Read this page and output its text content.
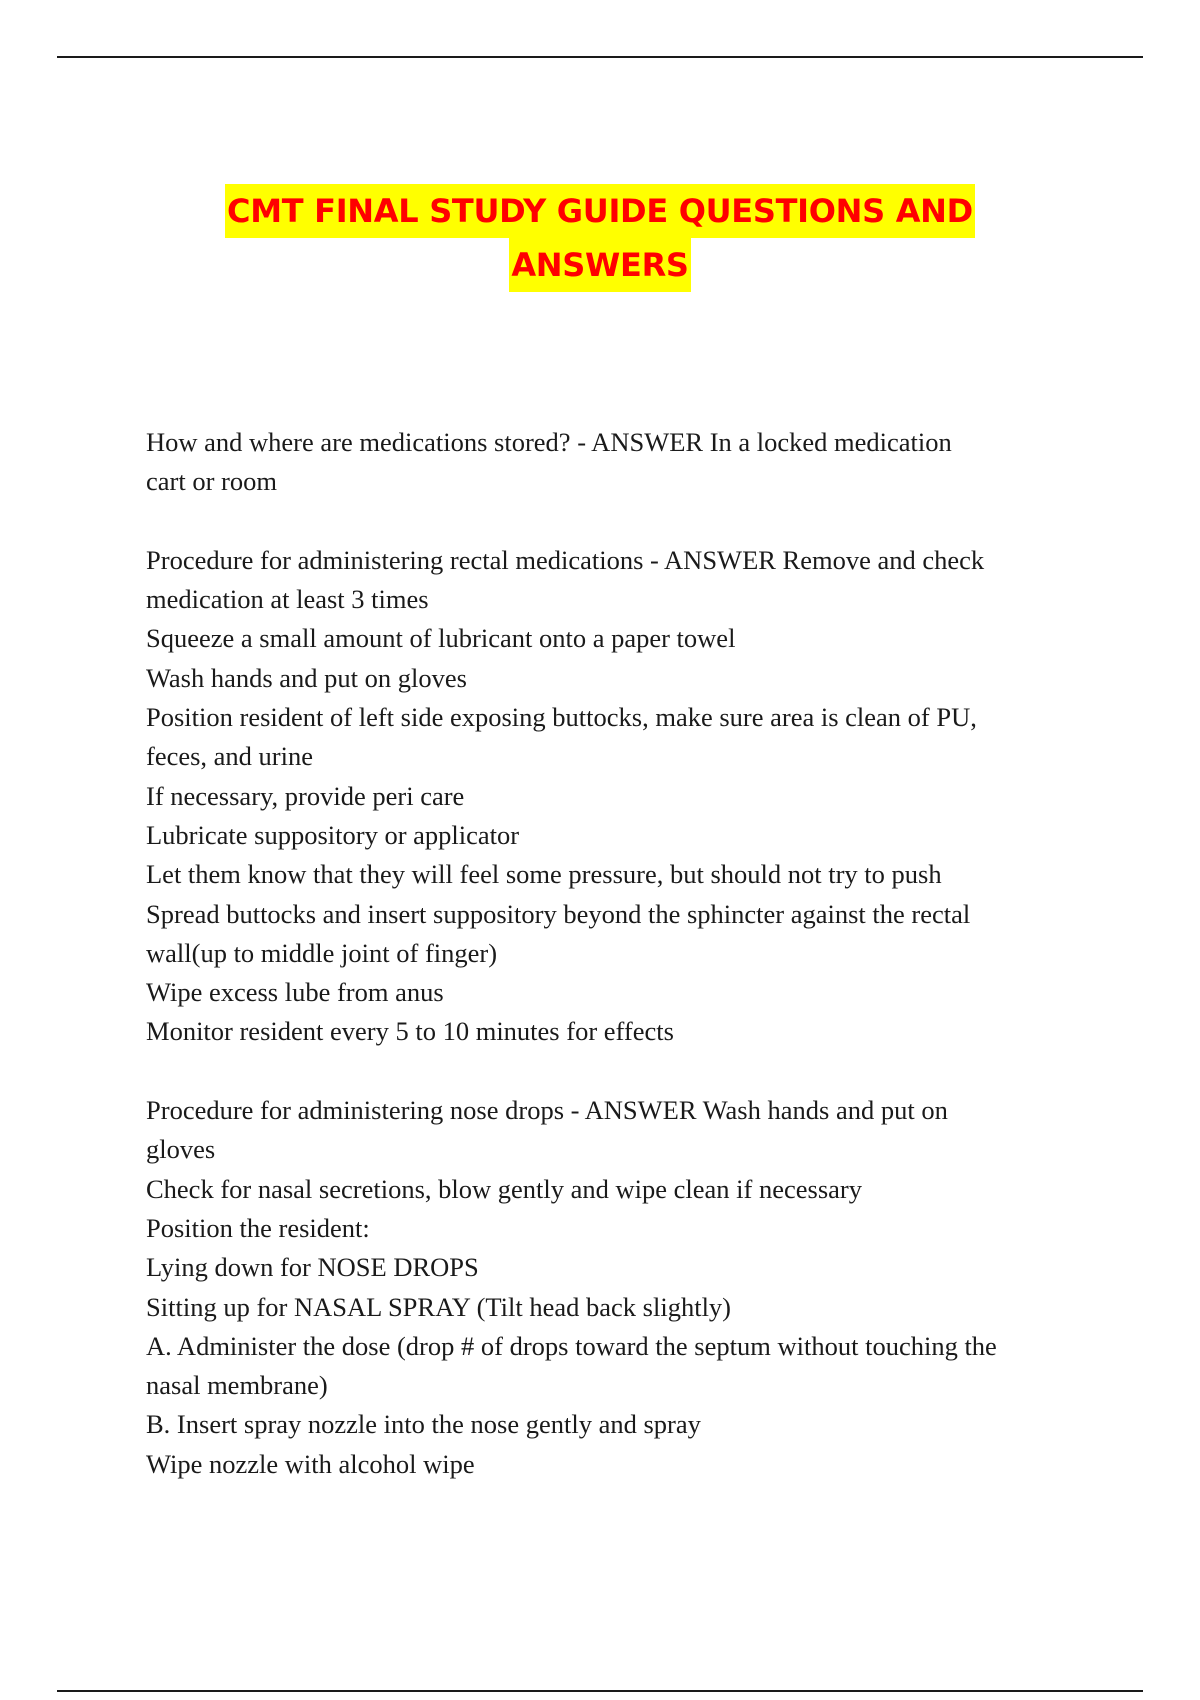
CMT FINAL STUDY GUIDE QUESTIONS AND
ANSWERS
How and where are medications stored? - ANSWER In a locked medication
cart or room
Procedure for administering rectal medications - ANSWER Remove and check
medication at least 3 times
Squeeze a small amount of lubricant onto a paper towel
Wash hands and put on gloves
Position resident of left side exposing buttocks, make sure area is clean of PU,
feces, and urine
If necessary, provide peri care
Lubricate suppository or applicator
Let them know that they will feel some pressure, but should not try to push
Spread buttocks and insert suppository beyond the sphincter against the rectal
wall(up to middle joint of finger)
Wipe excess lube from anus
Monitor resident every 5 to 10 minutes for effects
Procedure for administering nose drops - ANSWER Wash hands and put on
gloves
Check for nasal secretions, blow gently and wipe clean if necessary
Position the resident:
Lying down for NOSE DROPS
Sitting up for NASAL SPRAY (Tilt head back slightly)
A. Administer the dose (drop # of drops toward the septum without touching the
nasal membrane)
B. Insert spray nozzle into the nose gently and spray
Wipe nozzle with alcohol wipe
